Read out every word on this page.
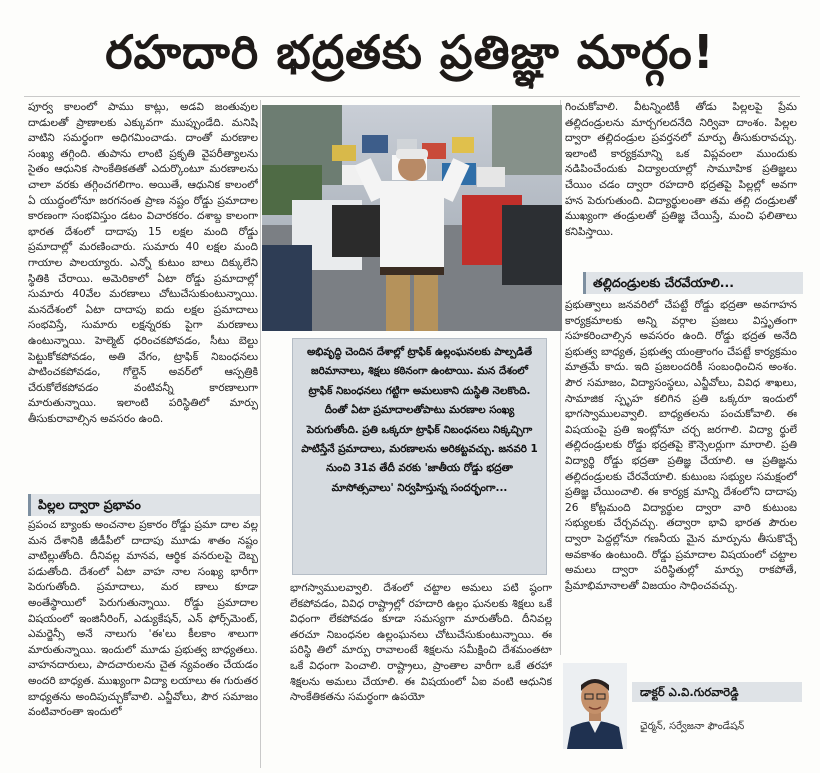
రహదారి భద్రతకు ప్రతిజ్ఞా మార్గం!

పూర్వ కాలంలో పాము కాట్లు, అడవి జంతువుల దాడులతో ప్రాణాలకు ఎక్కువగా ముప్పుండేది. మనిషి వాటిని సమర్థంగా అధిగమించాడు. దాంతో మరణాల సంఖ్య తగ్గింది. తుపాను లాంటి ప్రకృతి వైపరీత్యాలను సైతం ఆధునిక సాంకేతికతతో ఎదుర్కొంటూ మరణాలను చాలా వరకు తగ్గించగలిగాం. అయితే, ఆధునిక కాలంలో ఏ యుద్ధంలోనూ జరగనంత ప్రాణ నష్టం రోడ్డు ప్రమాదాల కారణంగా సంభవిస్తుం డటం విచారకరం. దశాబ్ద కాలంగా భారత దేశంలో దాదాపు 15 లక్షల మంది రోడ్డు ప్రమాదాల్లో మరణించారు. సుమారు 40 లక్షల మంది గాయాల పాలయ్యారు. ఎన్నో కుటుం బాలు దిక్కులేని స్థితికి చేరాయి. అమెరికాలో ఏటా రోడ్డు ప్రమాదాల్లో సుమారు 40వేల మరణాలు చోటుచేసుకుంటున్నాయి. మనదేశంలో ఏటా దాదాపు ఐదు లక్షల ప్రమాదాలు సంభవిస్తే, సుమారు లక్షన్నరకు పైగా మరణాలు ఉంటున్నాయి. హెల్మెట్ ధరించకపోవడం, సీటు బెల్టు పెట్టుకోకపోవడం, అతి వేగం, ట్రాఫిక్ నిబంధనలు పాటించకపోవడం, గోల్డెన్ అవర్‌లో ఆస్పత్రికి చేరుకోలేకపోవడం వంటివన్నీ కారణాలుగా మారుతున్నాయి. ఇలాంటి పరిస్థితిలో మార్పు తీసుకురావాల్సిన అవసరం ఉంది.

పిల్లల ద్వారా ప్రభావం

ప్రపంచ బ్యాంకు అంచనాల ప్రకారం రోడ్డు ప్రమా దాల వల్ల మన దేశానికి జీడీపీలో దాదాపు మూడు శాతం నష్టం వాటిల్లుతోంది. దీనివల్ల మానవ, ఆర్థిక వనరులపై దెబ్బ పడుతోంది. దేశంలో ఏటా వాహ నాల సంఖ్య భారీగా పెరుగుతోంది. ప్రమాదాలు, మర ణాలు కూడా అంతేస్థాయిలో పెరుగుతున్నాయి. రోడ్డు ప్రమాదాల విషయంలో ఇంజినీరింగ్, ఎడ్యుకేషన్, ఎన్ ఫోర్స్‌మెంట్, ఎమర్జెన్సీ అనే నాలుగు 'ఈ'లు కీలకాం శాలుగా మారుతున్నాయి. ఇందులో మూడు ప్రభుత్వ బాధ్యతలు. వాహనదారులు, పాదచారులను చైత న్యవంతం చేయడం అందరి బాధ్యత. ముఖ్యంగా విద్యా లయాలు ఈ గురుతర బాధ్యతను అందిపుచ్చుకోవాలి. ఎన్జీవోలు, పౌర సమాజం వంటివారంతా ఇందులో

అభివృద్ధి చెందిన దేశాల్లో ట్రాఫిక్ ఉల్లంఘనలకు పాల్పడితే జరిమానాలు, శిక్షలు కఠినంగా ఉంటాయి. మన దేశంలో ట్రాఫిక్ నిబంధనలు గట్టిగా అమలుకాని దుస్థితి నెలకొంది. దీంతో ఏటా ప్రమాదాలతోపాటు మరణాల సంఖ్య పెరుగుతోంది. ప్రతి ఒక్కరూ ట్రాఫిక్ నిబంధనలు నిక్కచ్చిగా పాటిస్తేనే ప్రమాదాలు, మరణాలను అరికట్టవచ్చు. జనవరి 1 నుంచి 31వ తేదీ వరకు 'జాతీయ రోడ్డు భద్రతా మాసోత్సవాలు' నిర్వహిస్తున్న సందర్భంగా...

భాగస్వాములవ్వాలి. దేశంలో చట్టాల అమలు పటి ష్ఠంగా లేకపోవడం, వివిధ రాష్ట్రాల్లో రహదారి ఉల్లం ఘనలకు శిక్షలు ఒకే విధంగా లేకపోవడం కూడా సమస్యగా మారుతోంది. దీనివల్ల తరచూ నిబంధనల ఉల్లంఘనలు చోటుచేసుకుంటున్నాయి. ఈ పరిస్థి తిలో మార్పు రావాలంటే శిక్షలను సమీక్షించి దేశమంతటా ఒకే విధంగా పెంచాలి. రాష్ట్రాలు, ప్రాంతాల వారీగా ఒకే తరహా శిక్షలను అమలు చేయాలి. ఈ విషయంలో ఏఐ వంటి ఆధునిక సాంకేతికతను సమర్థంగా ఉపయో

గించుకోవాలి. వీటన్నింటికీ తోడు పిల్లలపై ప్రేమ తల్లిదండ్రులను మార్చగలదనేది నిర్వివా దాంశం. పిల్లల ద్వారా తల్లిదండ్రుల ప్రవర్తనలో మార్పు తీసుకురావచ్చు. ఇలాంటి కార్యక్రమాన్ని ఒక విప్లవంలా ముందుకు నడిపించేందుకు విద్యాలయాల్లో సామూహిక ప్రతిజ్ఞలు చేయిం చడం ద్వారా రహదారి భద్రతపై పిల్లల్లో అవగా హన పెరుగుతుంది. విద్యార్థులంతా తమ తల్లి దండ్రులతో ముఖ్యంగా తండ్రులతో ప్రతిజ్ఞ చేయిస్తే, మంచి ఫలితాలు కనిపిస్తాయి.

తల్లిదండ్రులకు చేరవేయాలి...

ప్రభుత్వాలు జనవరిలో చేపట్టే రోడ్డు భద్రతా అవగాహన కార్యక్రమాలకు అన్ని వర్గాల ప్రజలు విస్తృతంగా సహకరించాల్సిన అవసరం ఉంది. రోడ్డు భద్రత అనేది ప్రభుత్వ బాధ్యత, ప్రభుత్వ యంత్రాంగం చేపట్టే కార్యక్రమం మాత్రమే కాదు. ఇది ప్రజలందరికీ సంబంధించిన అంశం. పౌర సమాజం, విద్యాసంస్థలు, ఎన్జీవోలు, వివిధ శాఖలు, సామాజిక స్పృహ కలిగిన ప్రతి ఒక్కరూ ఇందులో భాగస్వాములవ్వాలి. బాధ్యతలను పంచుకోవాలి. ఈ విషయంపై ప్రతి ఇంట్లోనూ చర్చ జరగాలి. విద్యా ర్థులే తల్లిదండ్రులకు రోడ్డు భద్రతపై కౌన్సెలర్లుగా మారాలి. ప్రతి విద్యార్థి రోడ్డు భద్రతా ప్రతిజ్ఞ చేయాలి. ఆ ప్రతిజ్ఞను తల్లిదండ్రులకు చేరవేయాలి. కుటుంబ సభ్యుల సమక్షంలో ప్రతిజ్ఞ చేయించాలి. ఈ కార్యక్ర మాన్ని దేశంలోని దాదాపు 26 కోట్లమంది విద్యార్థుల ద్వారా వారి కుటుంబ సభ్యులకు చేర్చవచ్చు. తద్వారా భావి భారత పౌరుల ద్వారా పెద్దల్లోనూ గణనీయ మైన మార్పును తీసుకొచ్చే అవకాశం ఉంటుంది. రోడ్డు ప్రమాదాల విషయంలో చట్టాల అమలు ద్వారా పరిస్థితుల్లో మార్పు రాకపోతే, ప్రేమాభిమానాలతో విజయం సాధించవచ్చు.

డాక్టర్ ఎ.వి.గురవారెడ్డి
ఛైర్మన్, సర్వేజనా ఫౌండేషన్
